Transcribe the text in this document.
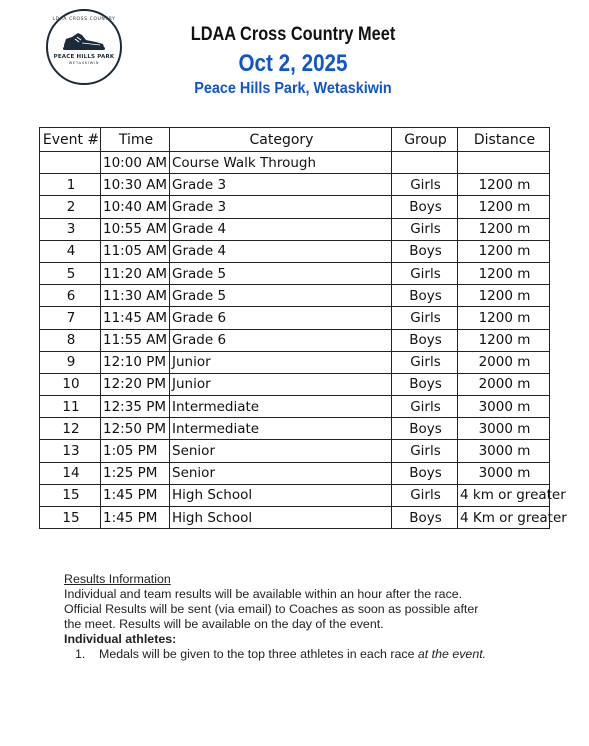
LDAA CROSS COUNTRY
PEACE HILLS PARK
WETASKIWIN
LDAA Cross Country Meet
Oct 2, 2025
Peace Hills Park, Wetaskiwin
Event #	Time	Category	Group	Distance
	10:00 AM	Course Walk Through		
1	10:30 AM	Grade 3	Girls	1200 m
2	10:40 AM	Grade 3	Boys	1200 m
3	10:55 AM	Grade 4	Girls	1200 m
4	11:05 AM	Grade 4	Boys	1200 m
5	11:20 AM	Grade 5	Girls	1200 m
6	11:30 AM	Grade 5	Boys	1200 m
7	11:45 AM	Grade 6	Girls	1200 m
8	11:55 AM	Grade 6	Boys	1200 m
9	12:10 PM	Junior	Girls	2000 m
10	12:20 PM	Junior	Boys	2000 m
11	12:35 PM	Intermediate	Girls	3000 m
12	12:50 PM	Intermediate	Boys	3000 m
13	1:05 PM	Senior	Girls	3000 m
14	1:25 PM	Senior	Boys	3000 m
15	1:45 PM	High School	Girls	4 km or greater
15	1:45 PM	High School	Boys	4 Km or greater

Results Information

Individual and team results will be available within an hour after the race.

Official Results will be sent (via email) to Coaches as soon as possible after

the meet. Results will be available on the day of the event.

Individual athletes:

1. Medals will be given to the top three athletes in each race at the event.
